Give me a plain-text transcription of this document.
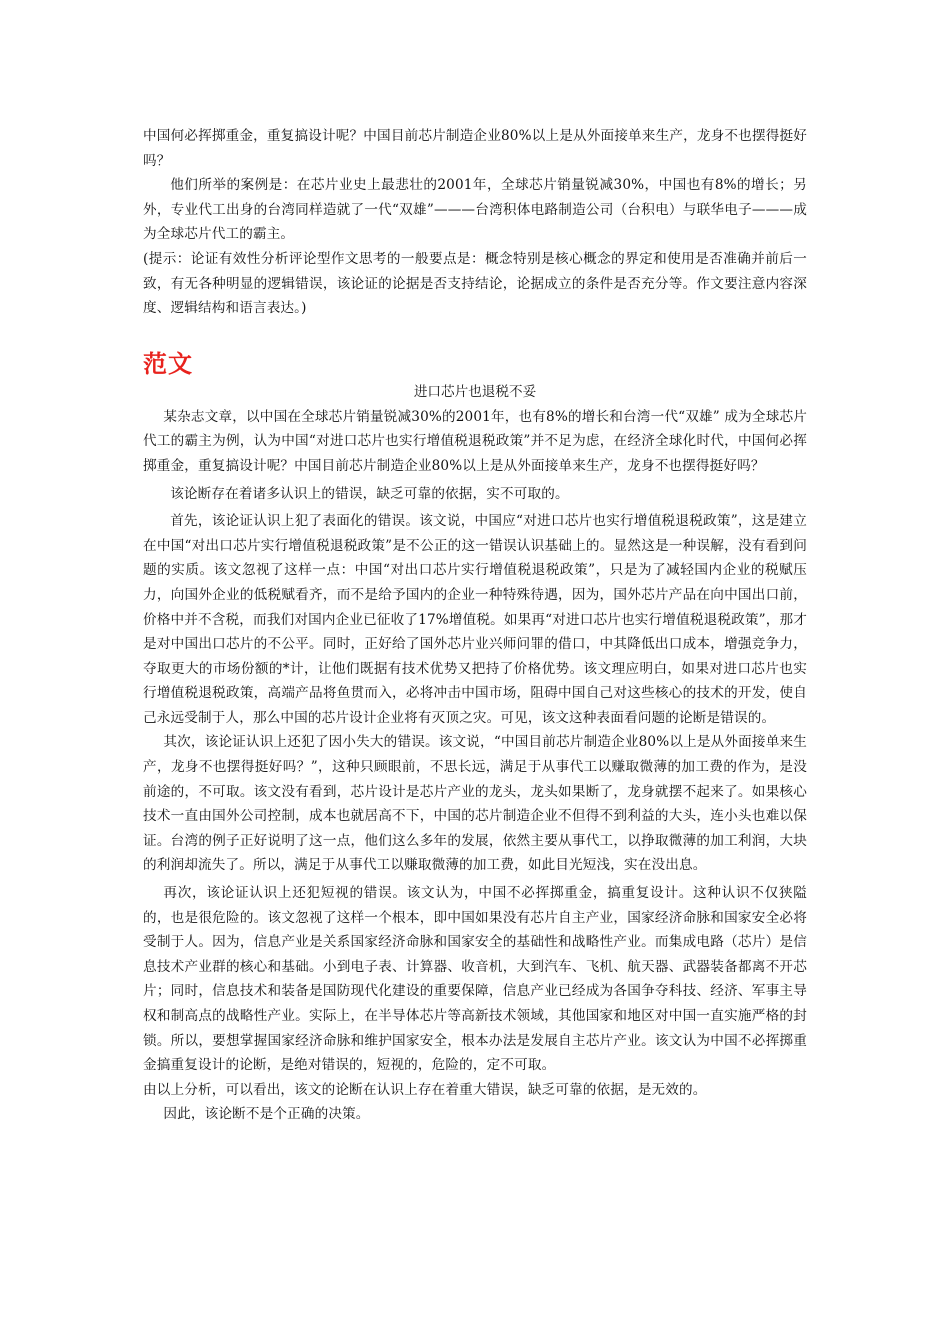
中国何必挥掷重金，重复搞设计呢？中国目前芯片制造企业80%以上是从外面接单来生产，龙身不也摆得挺好吗？

他们所举的案例是：在芯片业史上最悲壮的2001年，全球芯片销量锐减30%，中国也有8%的增长；另外，专业代工出身的台湾同样造就了一代“双雄”———台湾积体电路制造公司（台积电）与联华电子———成为全球芯片代工的霸主。

(提示：论证有效性分析评论型作文思考的一般要点是：概念特别是核心概念的界定和使用是否准确并前后一致，有无各种明显的逻辑错误，该论证的论据是否支持结论，论据成立的条件是否充分等。作文要注意内容深度、逻辑结构和语言表达。)

范文
进口芯片也退税不妥

某杂志文章，以中国在全球芯片销量锐减30%的2001年，也有8%的增长和台湾一代“双雄” 成为全球芯片代工的霸主为例，认为中国“对进口芯片也实行增值税退税政策”并不足为虑，在经济全球化时代，中国何必挥掷重金，重复搞设计呢？中国目前芯片制造企业80%以上是从外面接单来生产，龙身不也摆得挺好吗？

该论断存在着诸多认识上的错误，缺乏可靠的依据，实不可取的。

首先，该论证认识上犯了表面化的错误。该文说，中国应“对进口芯片也实行增值税退税政策”，这是建立在中国“对出口芯片实行增值税退税政策”是不公正的这一错误认识基础上的。显然这是一种误解，没有看到问题的实质。该文忽视了这样一点：中国“对出口芯片实行增值税退税政策”，只是为了减轻国内企业的税赋压力，向国外企业的低税赋看齐，而不是给予国内的企业一种特殊待遇，因为，国外芯片产品在向中国出口前，价格中并不含税，而我们对国内企业已征收了17%增值税。如果再“对进口芯片也实行增值税退税政策”，那才是对中国出口芯片的不公平。同时，正好给了国外芯片业兴师问罪的借口，中其降低出口成本，增强竞争力，夺取更大的市场份额的*计，让他们既据有技术优势又把持了价格优势。该文理应明白，如果对进口芯片也实行增值税退税政策，高端产品将鱼贯而入，必将冲击中国市场，阻碍中国自己对这些核心的技术的开发，使自己永远受制于人，那么中国的芯片设计企业将有灭顶之灾。可见，该文这种表面看问题的论断是错误的。

其次，该论证认识上还犯了因小失大的错误。该文说，“中国目前芯片制造企业80%以上是从外面接单来生产，龙身不也摆得挺好吗？”，这种只顾眼前，不思长远，满足于从事代工以赚取微薄的加工费的作为，是没前途的，不可取。该文没有看到，芯片设计是芯片产业的龙头，龙头如果断了，龙身就摆不起来了。如果核心技术一直由国外公司控制，成本也就居高不下，中国的芯片制造企业不但得不到利益的大头，连小头也难以保证。台湾的例子正好说明了这一点，他们这么多年的发展，依然主要从事代工，以挣取微薄的加工利润，大块的利润却流失了。所以，满足于从事代工以赚取微薄的加工费，如此目光短浅，实在没出息。

再次，该论证认识上还犯短视的错误。该文认为，中国不必挥掷重金，搞重复设计。这种认识不仅狭隘的，也是很危险的。该文忽视了这样一个根本，即中国如果没有芯片自主产业，国家经济命脉和国家安全必将受制于人。因为，信息产业是关系国家经济命脉和国家安全的基础性和战略性产业。而集成电路（芯片）是信息技术产业群的核心和基础。小到电子表、计算器、收音机，大到汽车、飞机、航天器、武器装备都离不开芯片；同时，信息技术和装备是国防现代化建设的重要保障，信息产业已经成为各国争夺科技、经济、军事主导权和制高点的战略性产业。实际上，在半导体芯片等高新技术领域，其他国家和地区对中国一直实施严格的封锁。所以，要想掌握国家经济命脉和维护国家安全，根本办法是发展自主芯片产业。该文认为中国不必挥掷重金搞重复设计的论断，是绝对错误的，短视的，危险的，定不可取。

由以上分析，可以看出，该文的论断在认识上存在着重大错误，缺乏可靠的依据，是无效的。

因此，该论断不是个正确的决策。
